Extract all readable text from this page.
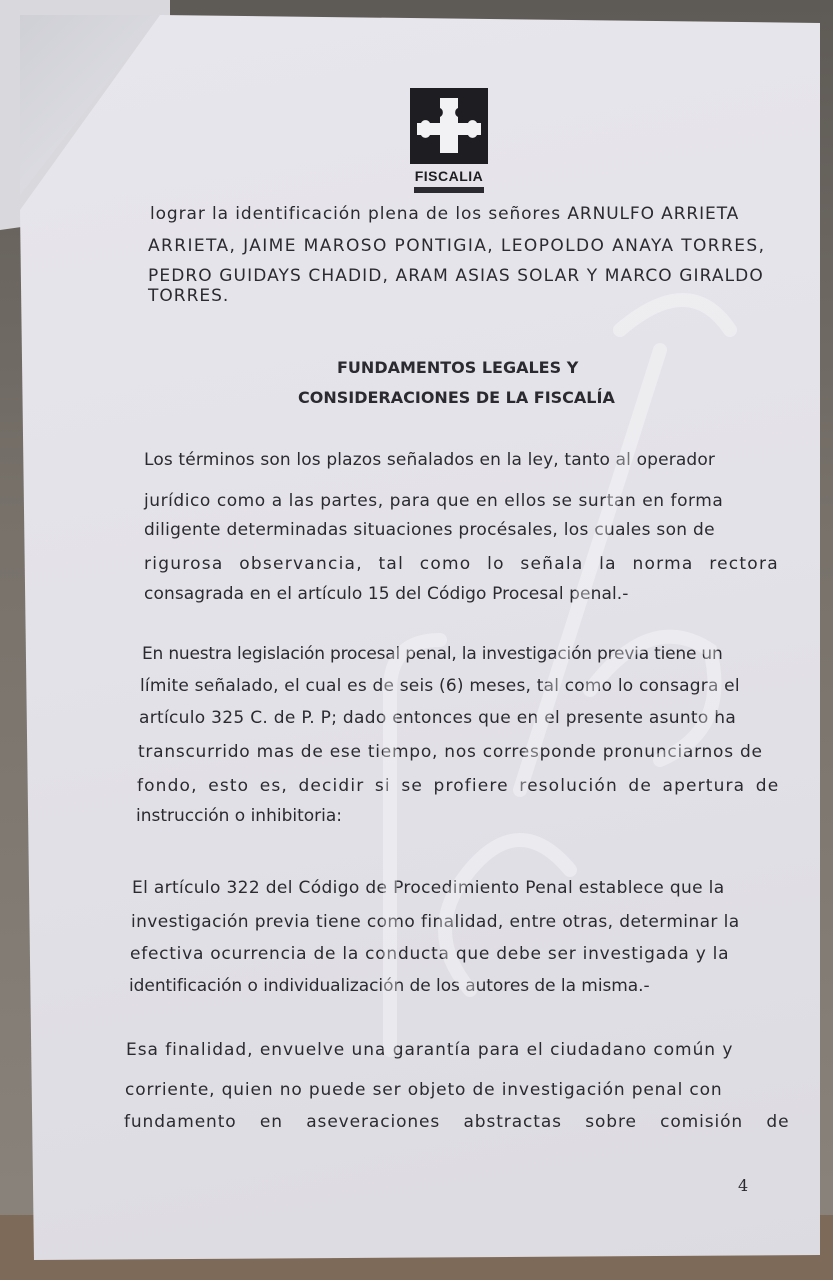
FISCALIA
lograr la identificación plena de los señores ARNULFO ARRIETA
ARRIETA, JAIME MAROSO PONTIGIA, LEOPOLDO ANAYA TORRES,
PEDRO GUIDAYS CHADID, ARAM ASIAS SOLAR Y MARCO GIRALDO
TORRES.
FUNDAMENTOS LEGALES Y
CONSIDERACIONES DE LA FISCALÍA
Los términos son los plazos señalados en la ley, tanto al operador
jurídico como a las partes, para que en ellos se surtan en forma
diligente determinadas situaciones procésales, los cuales son de
rigurosa observancia, tal como lo señala la norma rectora
consagrada en el artículo 15 del Código Procesal penal.-
En nuestra legislación procesal penal, la investigación previa tiene un
límite señalado, el cual es de seis (6) meses, tal como lo consagra el
artículo 325 C. de P. P; dado entonces que en el presente asunto ha
transcurrido mas de ese tiempo, nos corresponde pronunciarnos de
fondo, esto es, decidir si se profiere resolución de apertura de
instrucción o inhibitoria:
El artículo 322 del Código de Procedimiento Penal establece que la
investigación previa tiene como finalidad, entre otras, determinar la
efectiva ocurrencia de la conducta que debe ser investigada y la
identificación o individualización de los autores de la misma.-
Esa finalidad, envuelve una garantía para el ciudadano común y
corriente, quien no puede ser objeto de investigación penal con
fundamento en aseveraciones abstractas sobre comisión de
4
